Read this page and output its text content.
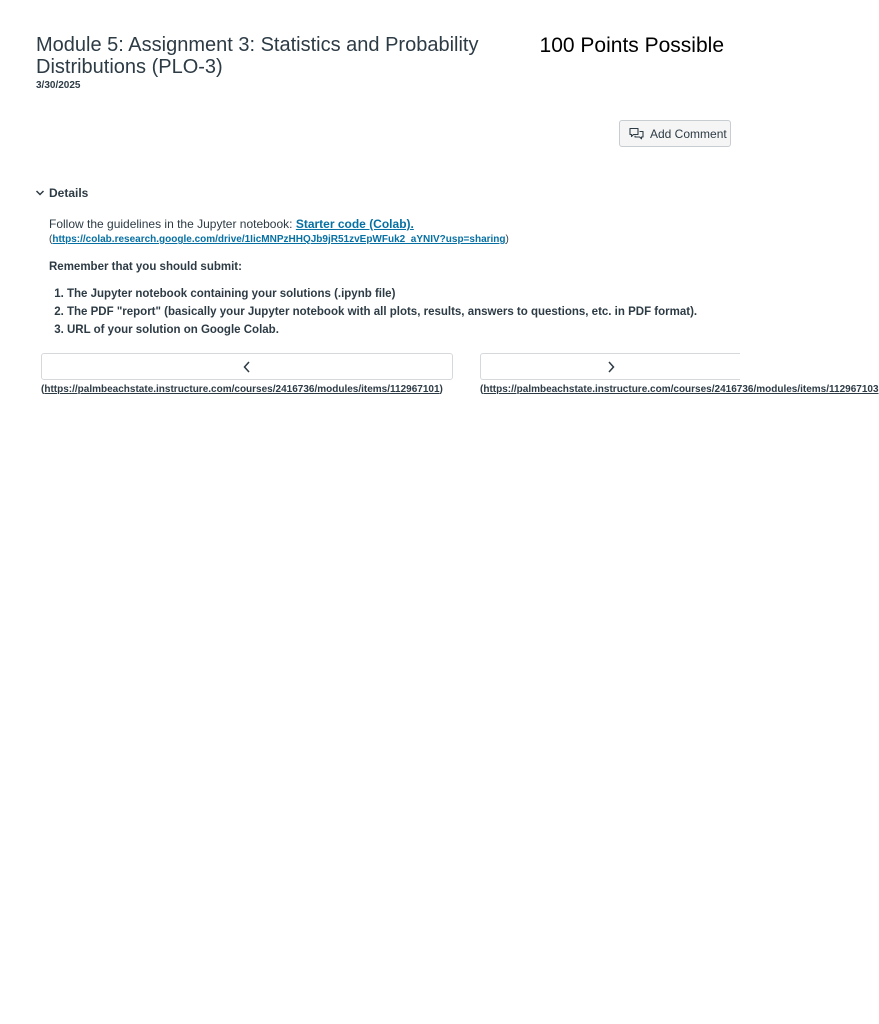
Module 5: Assignment 3: Statistics and Probability Distributions (PLO-3)
3/30/2025
100 Points Possible
Add Comment
Details
Follow the guidelines in the Jupyter notebook: Starter code (Colab).
(https://colab.research.google.com/drive/1IicMNPzHHQJb9jR51zvEpWFuk2_aYNIV?usp=sharing)
Remember that you should submit:
1. The Jupyter notebook containing your solutions (.ipynb file)
2. The PDF "report" (basically your Jupyter notebook with all plots, results, answers to questions, etc. in PDF format).
3. URL of your solution on Google Colab.
(https://palmbeachstate.instructure.com/courses/2416736/modules/items/112967101)	(https://palmbeachstate.instructure.com/courses/2416736/modules/items/112967103
